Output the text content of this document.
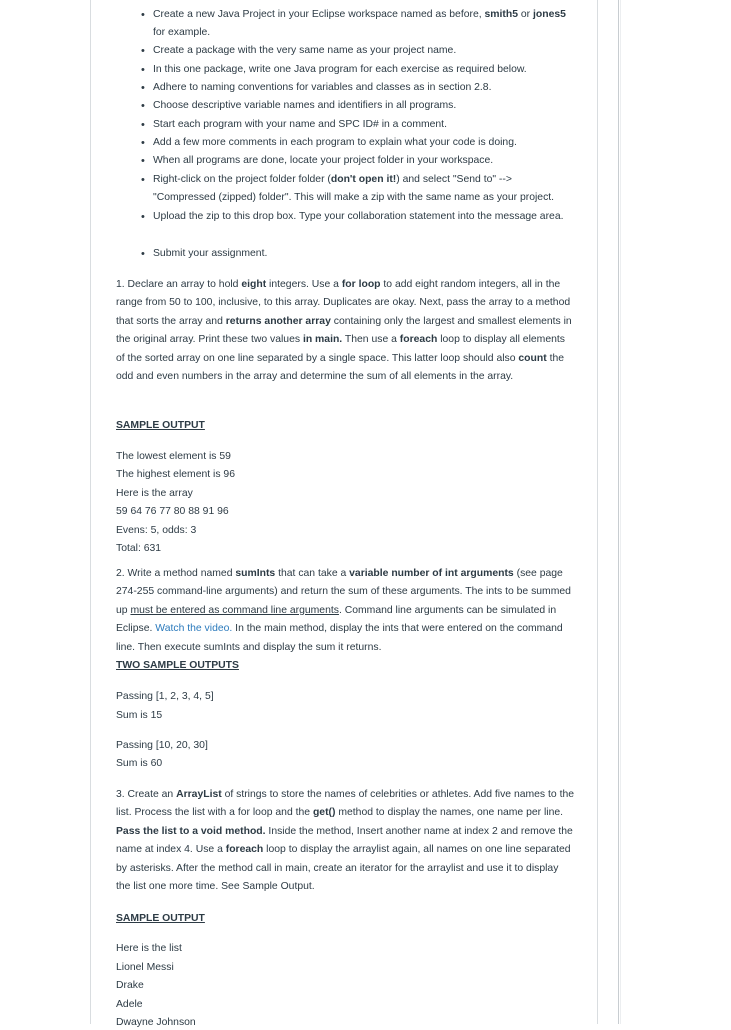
• Create a new Java Project in your Eclipse workspace named as before, smith5 or jones5 for example.
• Create a package with the very same name as your project name.
• In this one package, write one Java program for each exercise as required below.
• Adhere to naming conventions for variables and classes as in section 2.8.
• Choose descriptive variable names and identifiers in all programs.
• Start each program with your name and SPC ID# in a comment.
• Add a few more comments in each program to explain what your code is doing.
• When all programs are done, locate your project folder in your workspace.
• Right-click on the project folder folder (don't open it!) and select "Send to" --> "Compressed (zipped) folder". This will make a zip with the same name as your project.
• Upload the zip to this drop box. Type your collaboration statement into the message area.
• Submit your assignment.
1. Declare an array to hold eight integers. Use a for loop to add eight random integers, all in the range from 50 to 100, inclusive, to this array. Duplicates are okay. Next, pass the array to a method that sorts the array and returns another array containing only the largest and smallest elements in the original array. Print these two values in main. Then use a foreach loop to display all elements of the sorted array on one line separated by a single space. This latter loop should also count the odd and even numbers in the array and determine the sum of all elements in the array.
SAMPLE OUTPUT
The lowest element is 59
The highest element is 96
Here is the array
59 64 76 77 80 88 91 96
Evens: 5, odds: 3
Total: 631
2. Write a method named sumInts that can take a variable number of int arguments (see page 274-255 command-line arguments) and return the sum of these arguments. The ints to be summed up must be entered as command line arguments. Command line arguments can be simulated in Eclipse. Watch the video. In the main method, display the ints that were entered on the command line. Then execute sumInts and display the sum it returns.
TWO SAMPLE OUTPUTS
Passing [1, 2, 3, 4, 5]
Sum is 15
Passing [10, 20, 30]
Sum is 60
3. Create an ArrayList of strings to store the names of celebrities or athletes. Add five names to the list. Process the list with a for loop and the get() method to display the names, one name per line. Pass the list to a void method. Inside the method, Insert another name at index 2 and remove the name at index 4. Use a foreach loop to display the arraylist again, all names on one line separated by asterisks. After the method call in main, create an iterator for the arraylist and use it to display the list one more time. See Sample Output.
SAMPLE OUTPUT
Here is the list
Lionel Messi
Drake
Adele
Dwayne Johnson
